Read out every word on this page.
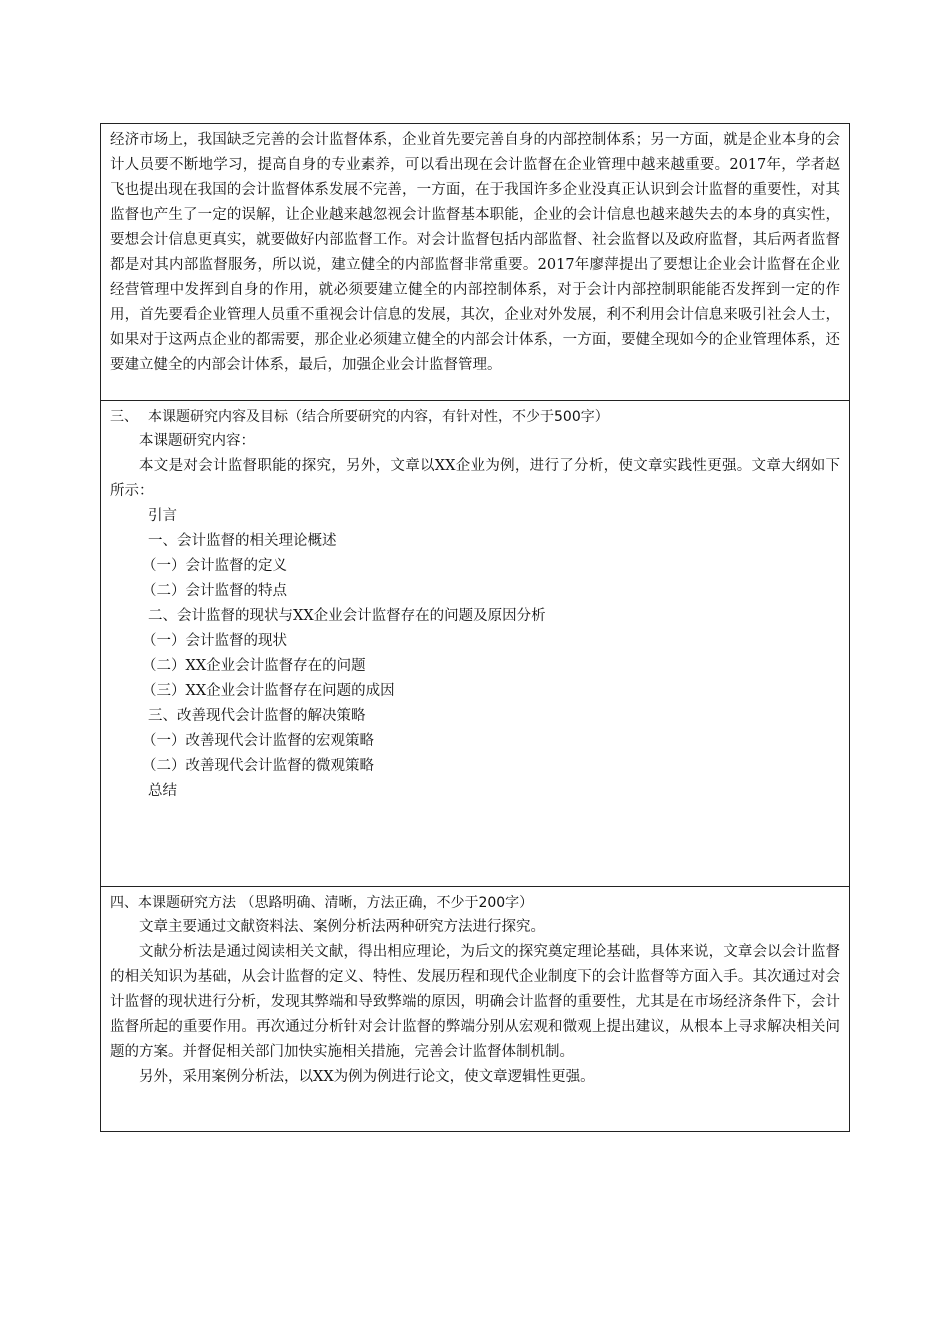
经济市场上，我国缺乏完善的会计监督体系，企业首先要完善自身的内部控制体系；另一方面，就是企业本身的会计人员要不断地学习，提高自身的专业素养，可以看出现在会计监督在企业管理中越来越重要。2017年，学者赵飞也提出现在我国的会计监督体系发展不完善，一方面，在于我国许多企业没真正认识到会计监督的重要性，对其监督也产生了一定的误解，让企业越来越忽视会计监督基本职能，企业的会计信息也越来越失去的本身的真实性，要想会计信息更真实，就要做好内部监督工作。对会计监督包括内部监督、社会监督以及政府监督，其后两者监督都是对其内部监督服务，所以说，建立健全的内部监督非常重要。2017年廖萍提出了要想让企业会计监督在企业经营管理中发挥到自身的作用，就必须要建立健全的内部控制体系，对于会计内部控制职能能否发挥到一定的作用，首先要看企业管理人员重不重视会计信息的发展，其次，企业对外发展，利不利用会计信息来吸引社会人士，如果对于这两点企业的都需要，那企业必须建立健全的内部会计体系，一方面，要健全现如今的企业管理体系，还要建立健全的内部会计体系，最后，加强企业会计监督管理。

三、 本课题研究内容及目标（结合所要研究的内容，有针对性，不少于500字）

本课题研究内容：

本文是对会计监督职能的探究，另外，文章以XX企业为例，进行了分析，使文章实践性更强。文章大纲如下所示：

引言

一、会计监督的相关理论概述

（一）会计监督的定义

（二）会计监督的特点

二、会计监督的现状与XX企业会计监督存在的问题及原因分析

（一）会计监督的现状

（二）XX企业会计监督存在的问题

（三）XX企业会计监督存在问题的成因

三、改善现代会计监督的解决策略

（一）改善现代会计监督的宏观策略

（二）改善现代会计监督的微观策略

总结

四、本课题研究方法 （思路明确、清晰，方法正确，不少于200字）

文章主要通过文献资料法、案例分析法两种研究方法进行探究。

文献分析法是通过阅读相关文献，得出相应理论，为后文的探究奠定理论基础，具体来说，文章会以会计监督的相关知识为基础，从会计监督的定义、特性、发展历程和现代企业制度下的会计监督等方面入手。其次通过对会计监督的现状进行分析，发现其弊端和导致弊端的原因，明确会计监督的重要性，尤其是在市场经济条件下，会计监督所起的重要作用。再次通过分析针对会计监督的弊端分别从宏观和微观上提出建议，从根本上寻求解决相关问题的方案。并督促相关部门加快实施相关措施，完善会计监督体制机制。

另外，采用案例分析法，以XX为例为例进行论文，使文章逻辑性更强。
